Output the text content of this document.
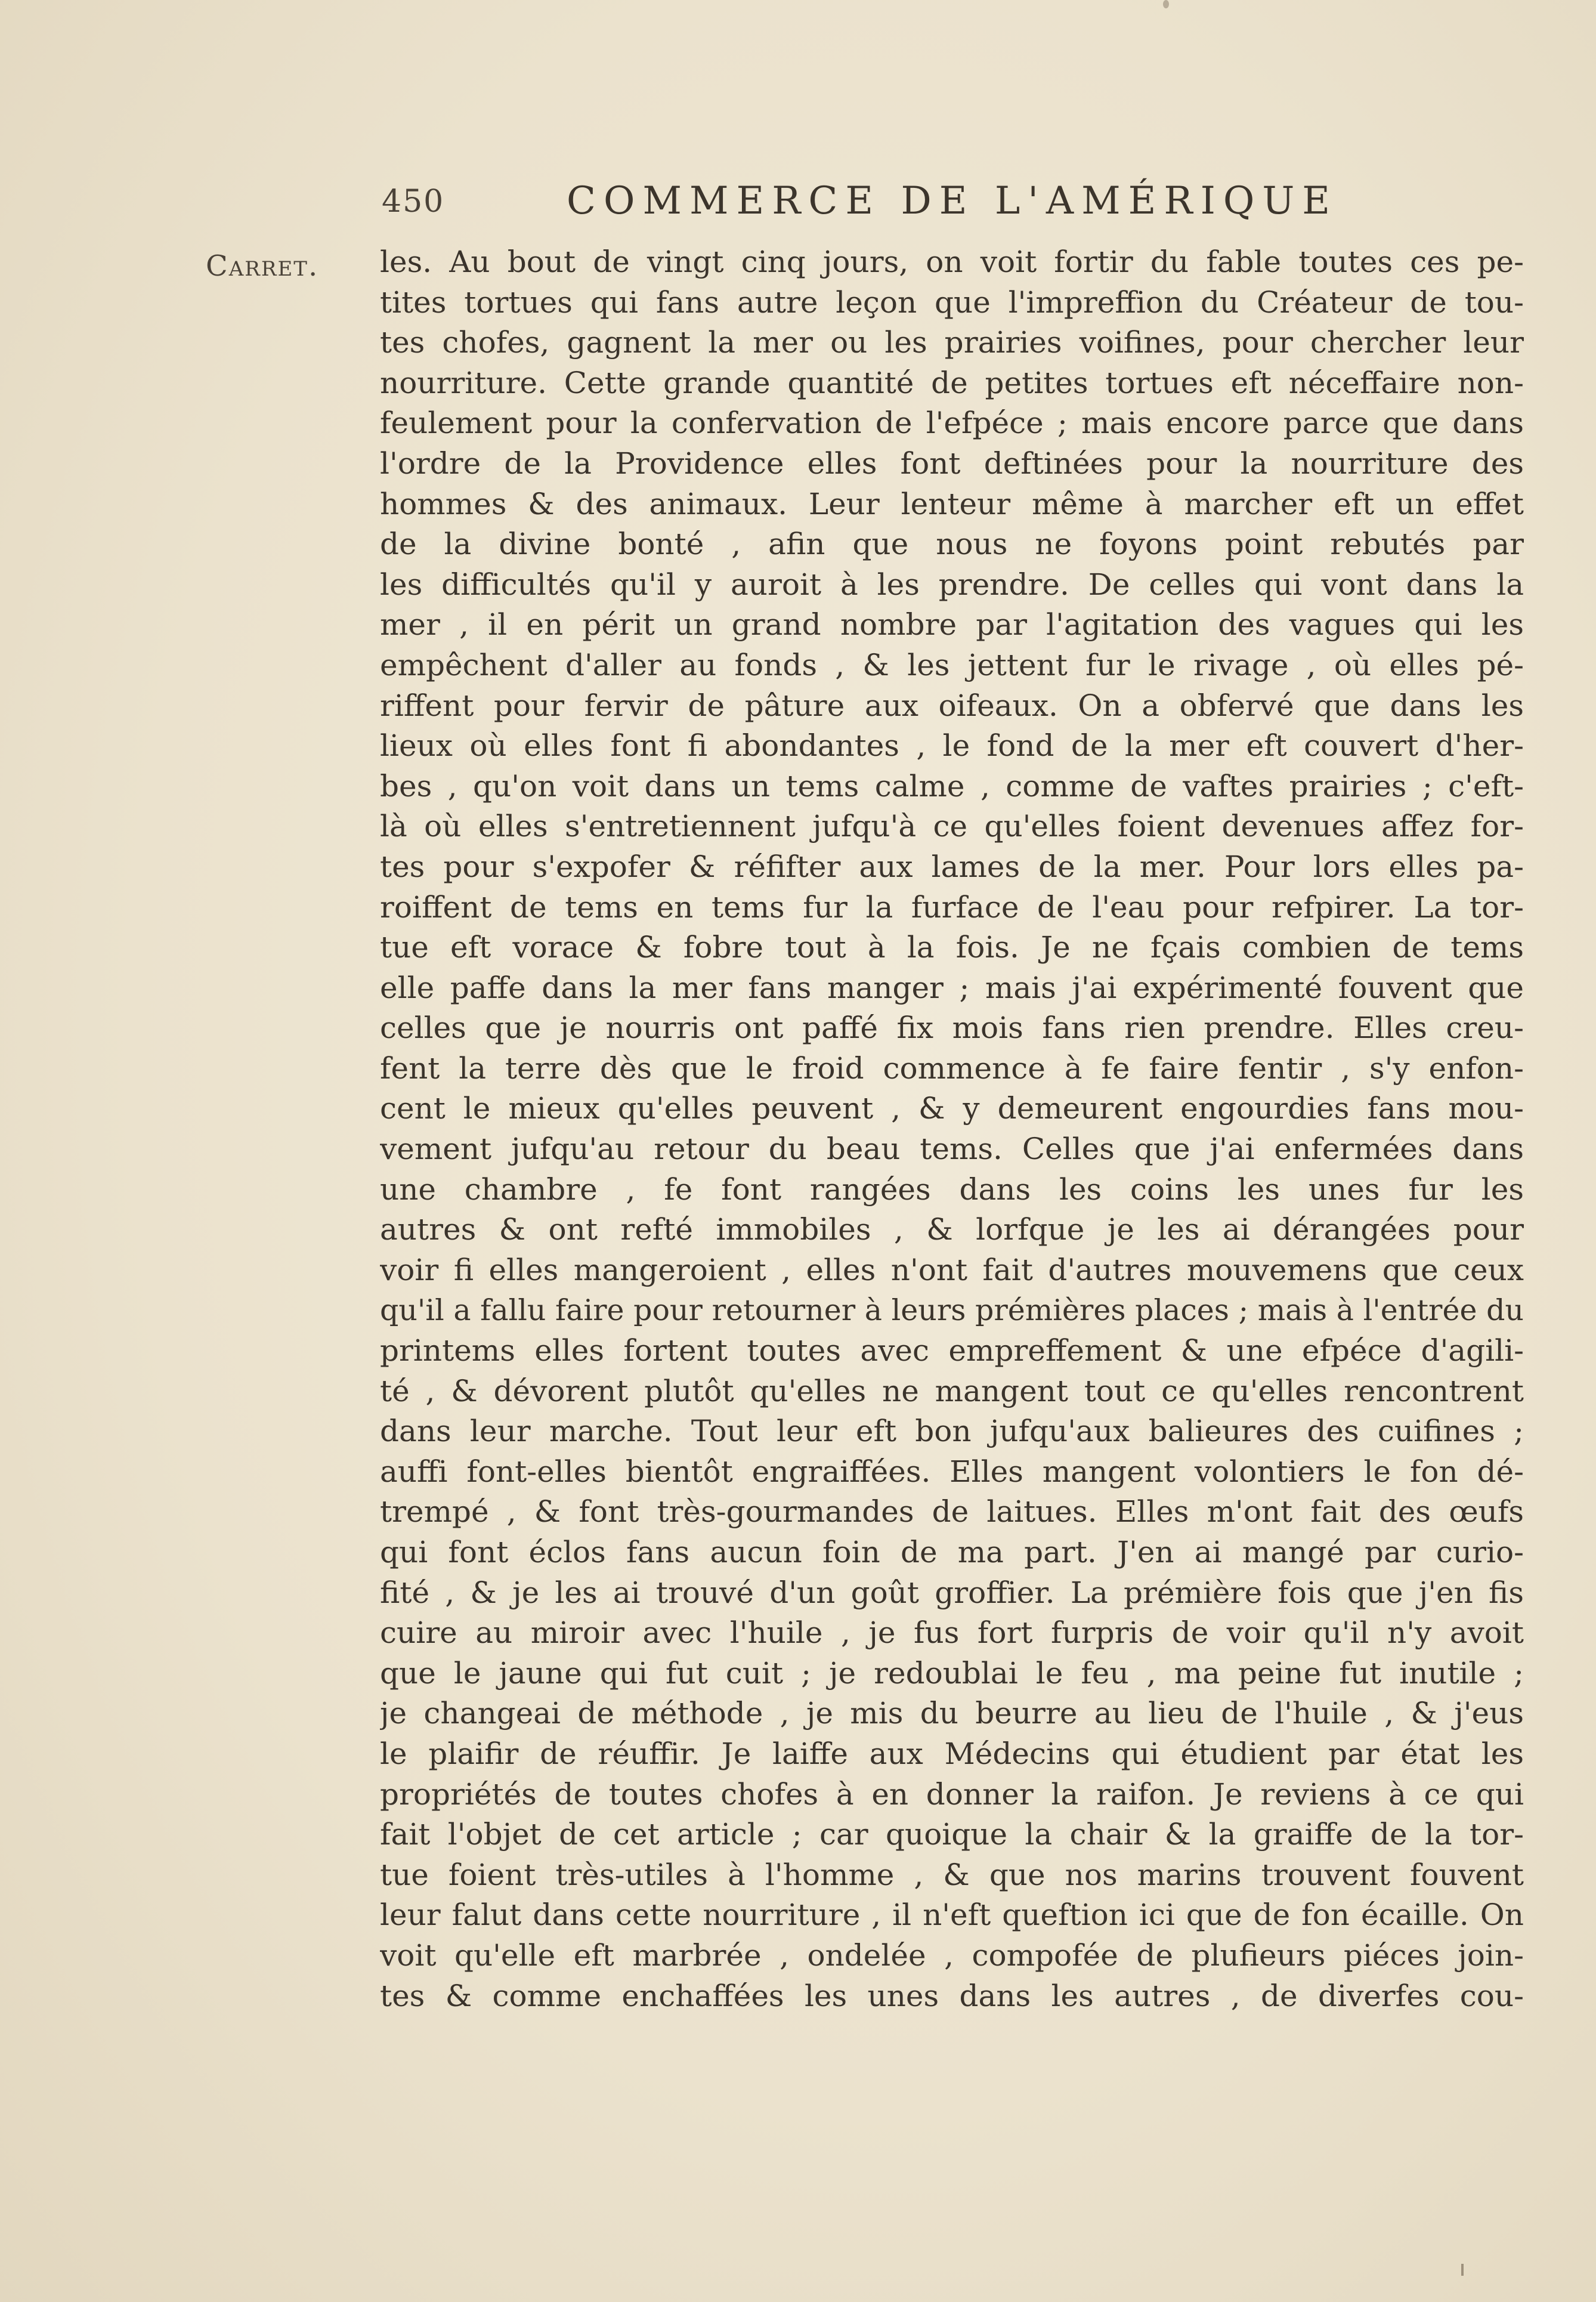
450	COMMERCE DE L'AMÉRIQUE
Carret. les. Au bout de vingt cinq jours, on voit fortir du fable toutes ces pe-
tites tortues qui fans autre leçon que l'impreffion du Créateur de tou-
tes chofes, gagnent la mer ou les prairies voifines, pour chercher leur
nourriture. Cette grande quantité de petites tortues eft néceffaire non-
feulement pour la confervation de l'efpéce ; mais encore parce que dans
l'ordre de la Providence elles font deftinées pour la nourriture des
hommes & des animaux. Leur lenteur même à marcher eft un effet
de la divine bonté , afin que nous ne foyons point rebutés par
les difficultés qu'il y auroit à les prendre. De celles qui vont dans la
mer , il en périt un grand nombre par l'agitation des vagues qui les
empêchent d'aller au fonds , & les jettent fur le rivage , où elles pé-
riffent pour fervir de pâture aux oifeaux. On a obfervé que dans les
lieux où elles font fi abondantes , le fond de la mer eft couvert d'her-
bes , qu'on voit dans un tems calme , comme de vaftes prairies ; c'eft-
là où elles s'entretiennent jufqu'à ce qu'elles foient devenues affez for-
tes pour s'expofer & réfifter aux lames de la mer. Pour lors elles pa-
roiffent de tems en tems fur la furface de l'eau pour refpirer. La tor-
tue eft vorace & fobre tout à la fois. Je ne fçais combien de tems
elle paffe dans la mer fans manger ; mais j'ai expérimenté fouvent que
celles que je nourris ont paffé fix mois fans rien prendre. Elles creu-
fent la terre dès que le froid commence à fe faire fentir , s'y enfon-
cent le mieux qu'elles peuvent , & y demeurent engourdies fans mou-
vement jufqu'au retour du beau tems. Celles que j'ai enfermées dans
une chambre , fe font rangées dans les coins les unes fur les
autres & ont refté immobiles , & lorfque je les ai dérangées pour
voir fi elles mangeroient , elles n'ont fait d'autres mouvemens que ceux
qu'il a fallu faire pour retourner à leurs prémières places ; mais à l'entrée du
printems elles fortent toutes avec empreffement & une efpéce d'agili-
té , & dévorent plutôt qu'elles ne mangent tout ce qu'elles rencontrent
dans leur marche. Tout leur eft bon jufqu'aux balieures des cuifines ;
auffi font-elles bientôt engraiffées. Elles mangent volontiers le fon dé-
trempé , & font très-gourmandes de laitues. Elles m'ont fait des œufs
qui font éclos fans aucun foin de ma part. J'en ai mangé par curio-
fité , & je les ai trouvé d'un goût groffier. La prémière fois que j'en fis
cuire au miroir avec l'huile , je fus fort furpris de voir qu'il n'y avoit
que le jaune qui fut cuit ; je redoublai le feu , ma peine fut inutile ;
je changeai de méthode , je mis du beurre au lieu de l'huile , & j'eus
le plaifir de réuffir. Je laiffe aux Médecins qui étudient par état les
propriétés de toutes chofes à en donner la raifon. Je reviens à ce qui
fait l'objet de cet article ; car quoique la chair & la graiffe de la tor-
tue foient très-utiles à l'homme , & que nos marins trouvent fouvent
leur falut dans cette nourriture , il n'eft queftion ici que de fon écaille. On
voit qu'elle eft marbrée , ondelée , compofée de plufieurs piéces join-
tes & comme enchaffées les unes dans les autres , de diverfes cou-
